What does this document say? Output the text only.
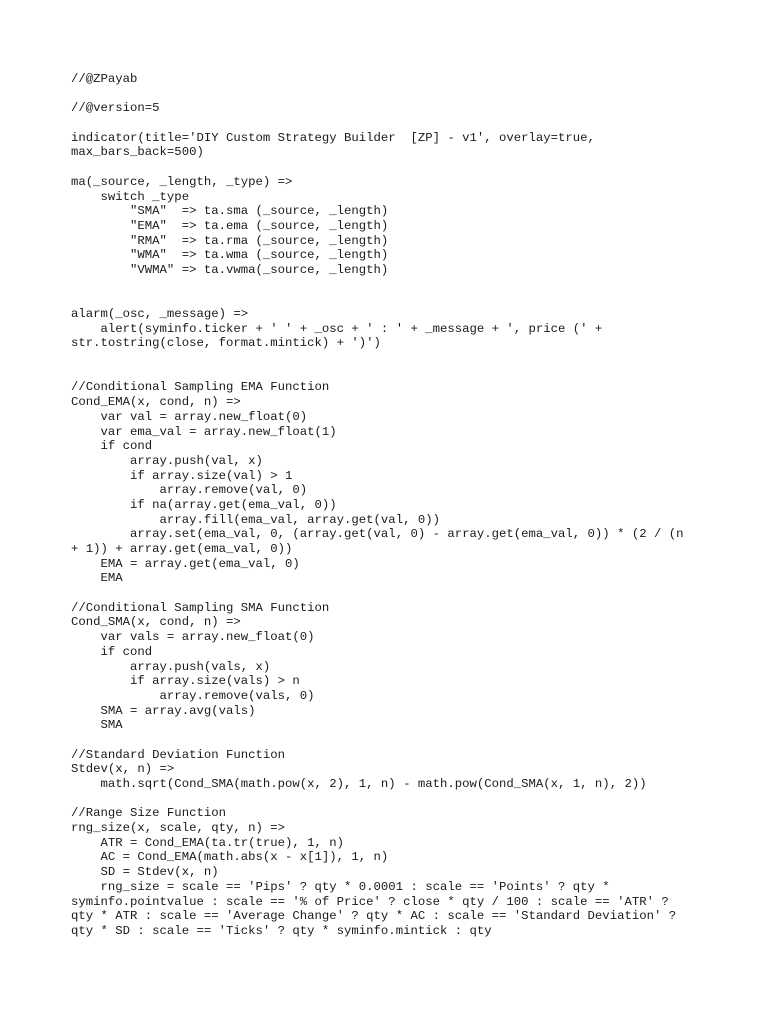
//@ZPayab
//@version=5
indicator(title='DIY Custom Strategy Builder  [ZP] - v1', overlay=true,
max_bars_back=500)
ma(_source, _length, _type) =>
switch _type
"SMA"  => ta.sma (_source, _length)
"EMA"  => ta.ema (_source, _length)
"RMA"  => ta.rma (_source, _length)
"WMA"  => ta.wma (_source, _length)
"VWMA" => ta.vwma(_source, _length)
alarm(_osc, _message) =>
alert(syminfo.ticker + ' ' + _osc + ' : ' + _message + ', price (' +
str.tostring(close, format.mintick) + ')')
//Conditional Sampling EMA Function
Cond_EMA(x, cond, n) =>
var val = array.new_float(0)
var ema_val = array.new_float(1)
if cond
array.push(val, x)
if array.size(val) > 1
array.remove(val, 0)
if na(array.get(ema_val, 0))
array.fill(ema_val, array.get(val, 0))
array.set(ema_val, 0, (array.get(val, 0) - array.get(ema_val, 0)) * (2 / (n
+ 1)) + array.get(ema_val, 0))
EMA = array.get(ema_val, 0)
EMA
//Conditional Sampling SMA Function
Cond_SMA(x, cond, n) =>
var vals = array.new_float(0)
if cond
array.push(vals, x)
if array.size(vals) > n
array.remove(vals, 0)
SMA = array.avg(vals)
SMA
//Standard Deviation Function
Stdev(x, n) =>
math.sqrt(Cond_SMA(math.pow(x, 2), 1, n) - math.pow(Cond_SMA(x, 1, n), 2))
//Range Size Function
rng_size(x, scale, qty, n) =>
ATR = Cond_EMA(ta.tr(true), 1, n)
AC = Cond_EMA(math.abs(x - x[1]), 1, n)
SD = Stdev(x, n)
rng_size = scale == 'Pips' ? qty * 0.0001 : scale == 'Points' ? qty *
syminfo.pointvalue : scale == '% of Price' ? close * qty / 100 : scale == 'ATR' ?
qty * ATR : scale == 'Average Change' ? qty * AC : scale == 'Standard Deviation' ?
qty * SD : scale == 'Ticks' ? qty * syminfo.mintick : qty
